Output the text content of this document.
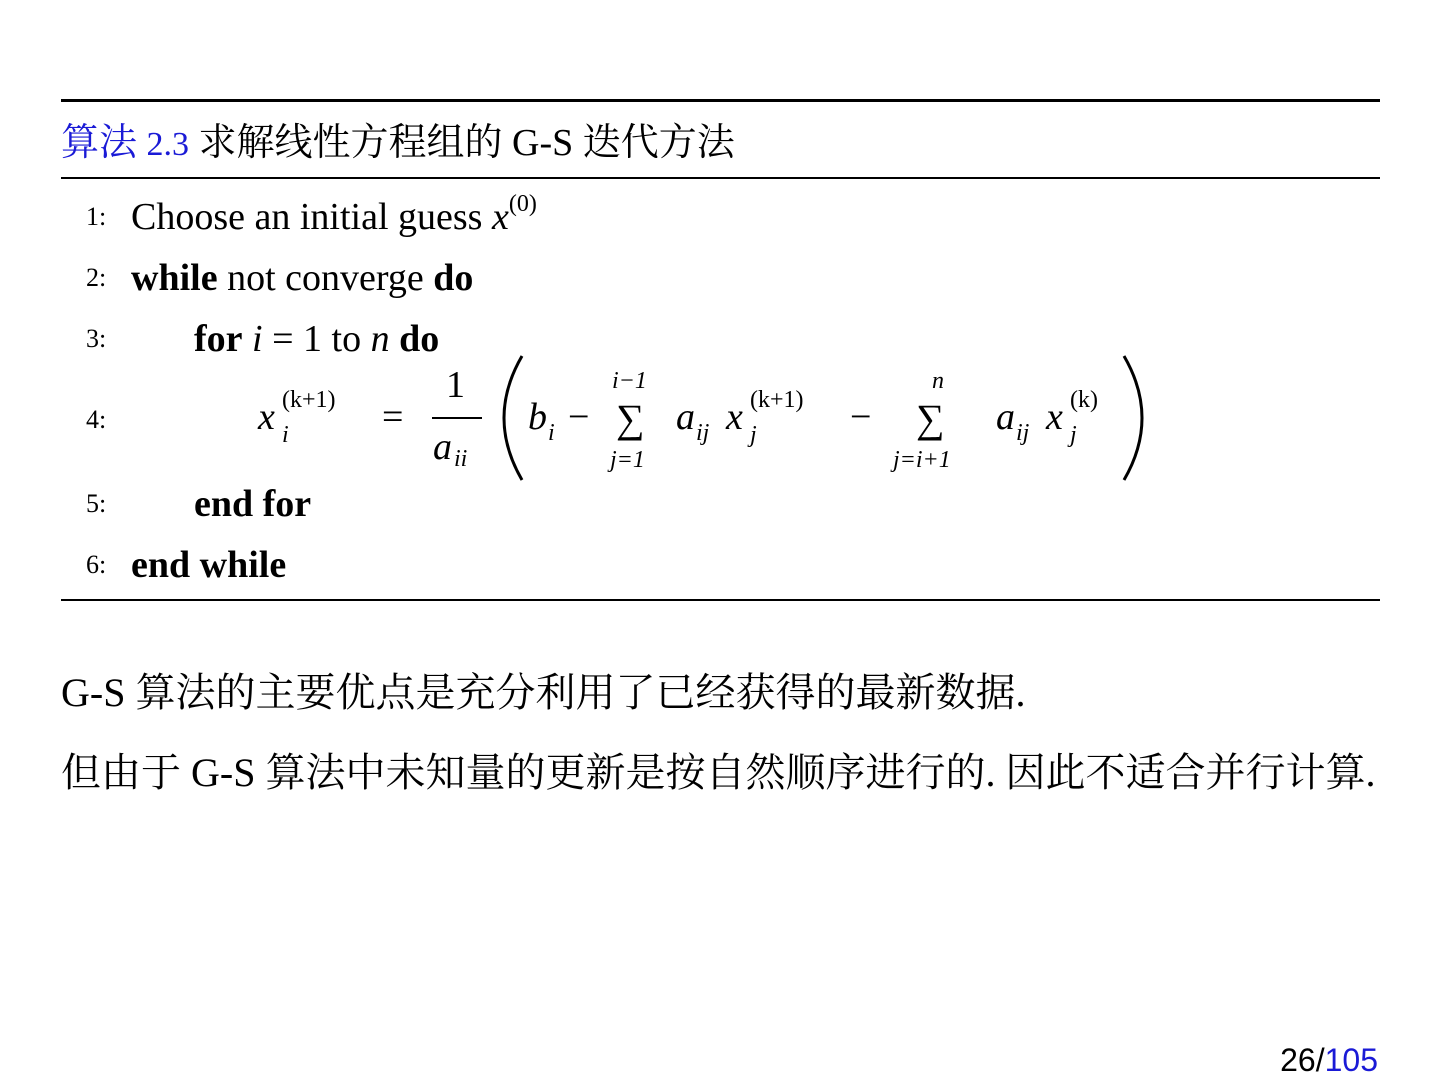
算法 2.3 求解线性方程组的 G-S 迭代方法
1: Choose an initial guess $x^{(0)}$
2: while not converge do
3: for i = 1 to n do
4:	x i
(k+1) =
1
a ii
b i −
i−1
∑
j=1
a ij x j
(k+1) −
n
∑
j=i+1
a ij x j
(k)
5: end for
6: end while
G-S 算法的主要优点是充分利用了已经获得的最新数据.
但由于 G-S 算法中未知量的更新是按自然顺序进行的. 因此不适合并行计算.
26/105
